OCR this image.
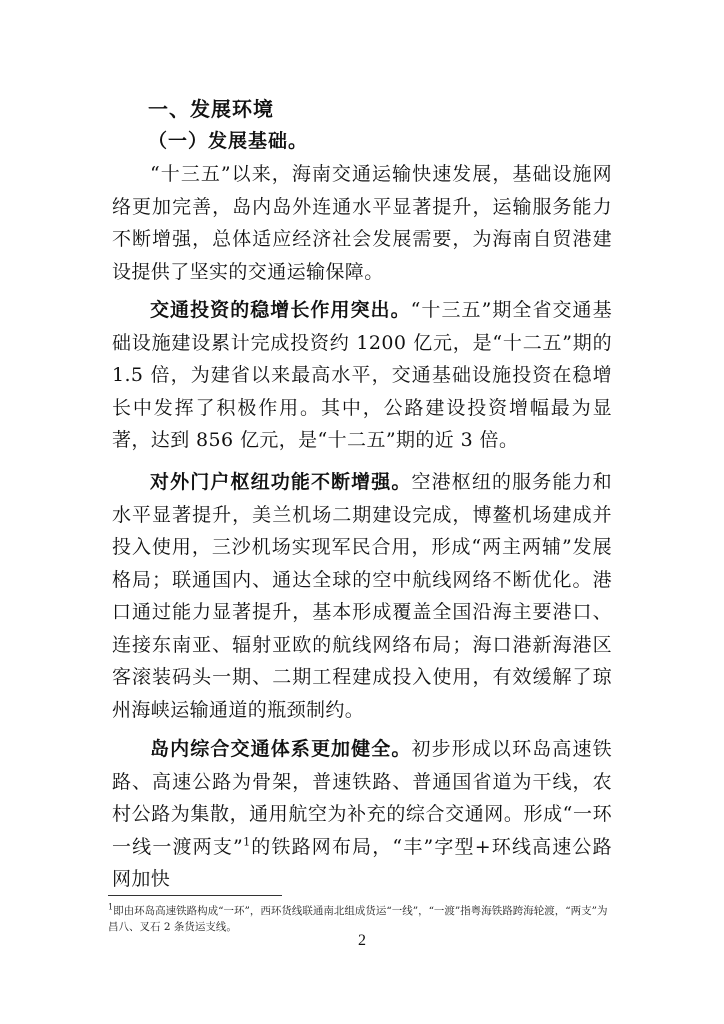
一、发展环境
（一）发展基础。

“十三五”以来，海南交通运输快速发展，基础设施网络更加完善，岛内岛外连通水平显著提升，运输服务能力不断增强，总体适应经济社会发展需要，为海南自贸港建设提供了坚实的交通运输保障。

交通投资的稳增长作用突出。“十三五”期全省交通基础设施建设累计完成投资约 1200 亿元，是“十二五”期的 1.5 倍，为建省以来最高水平，交通基础设施投资在稳增长中发挥了积极作用。其中，公路建设投资增幅最为显著，达到 856 亿元，是“十二五”期的近 3 倍。

对外门户枢纽功能不断增强。空港枢纽的服务能力和水平显著提升，美兰机场二期建设完成，博鳌机场建成并投入使用，三沙机场实现军民合用，形成“两主两辅”发展格局；联通国内、通达全球的空中航线网络不断优化。港口通过能力显著提升，基本形成覆盖全国沿海主要港口、连接东南亚、辐射亚欧的航线网络布局；海口港新海港区客滚装码头一期、二期工程建成投入使用，有效缓解了琼州海峡运输通道的瓶颈制约。

岛内综合交通体系更加健全。初步形成以环岛高速铁路、高速公路为骨架，普速铁路、普通国省道为干线，农村公路为集散，通用航空为补充的综合交通网。形成“一环一线一渡两支”$^1$的铁路网布局，“丰”字型+环线高速公路网加快

$^1$即由环岛高速铁路构成“一环”，西环货线联通南北组成货运“一线”，“一渡”指粤海铁路跨海轮渡，“两支”为昌八、叉石 2 条货运支线。

2
